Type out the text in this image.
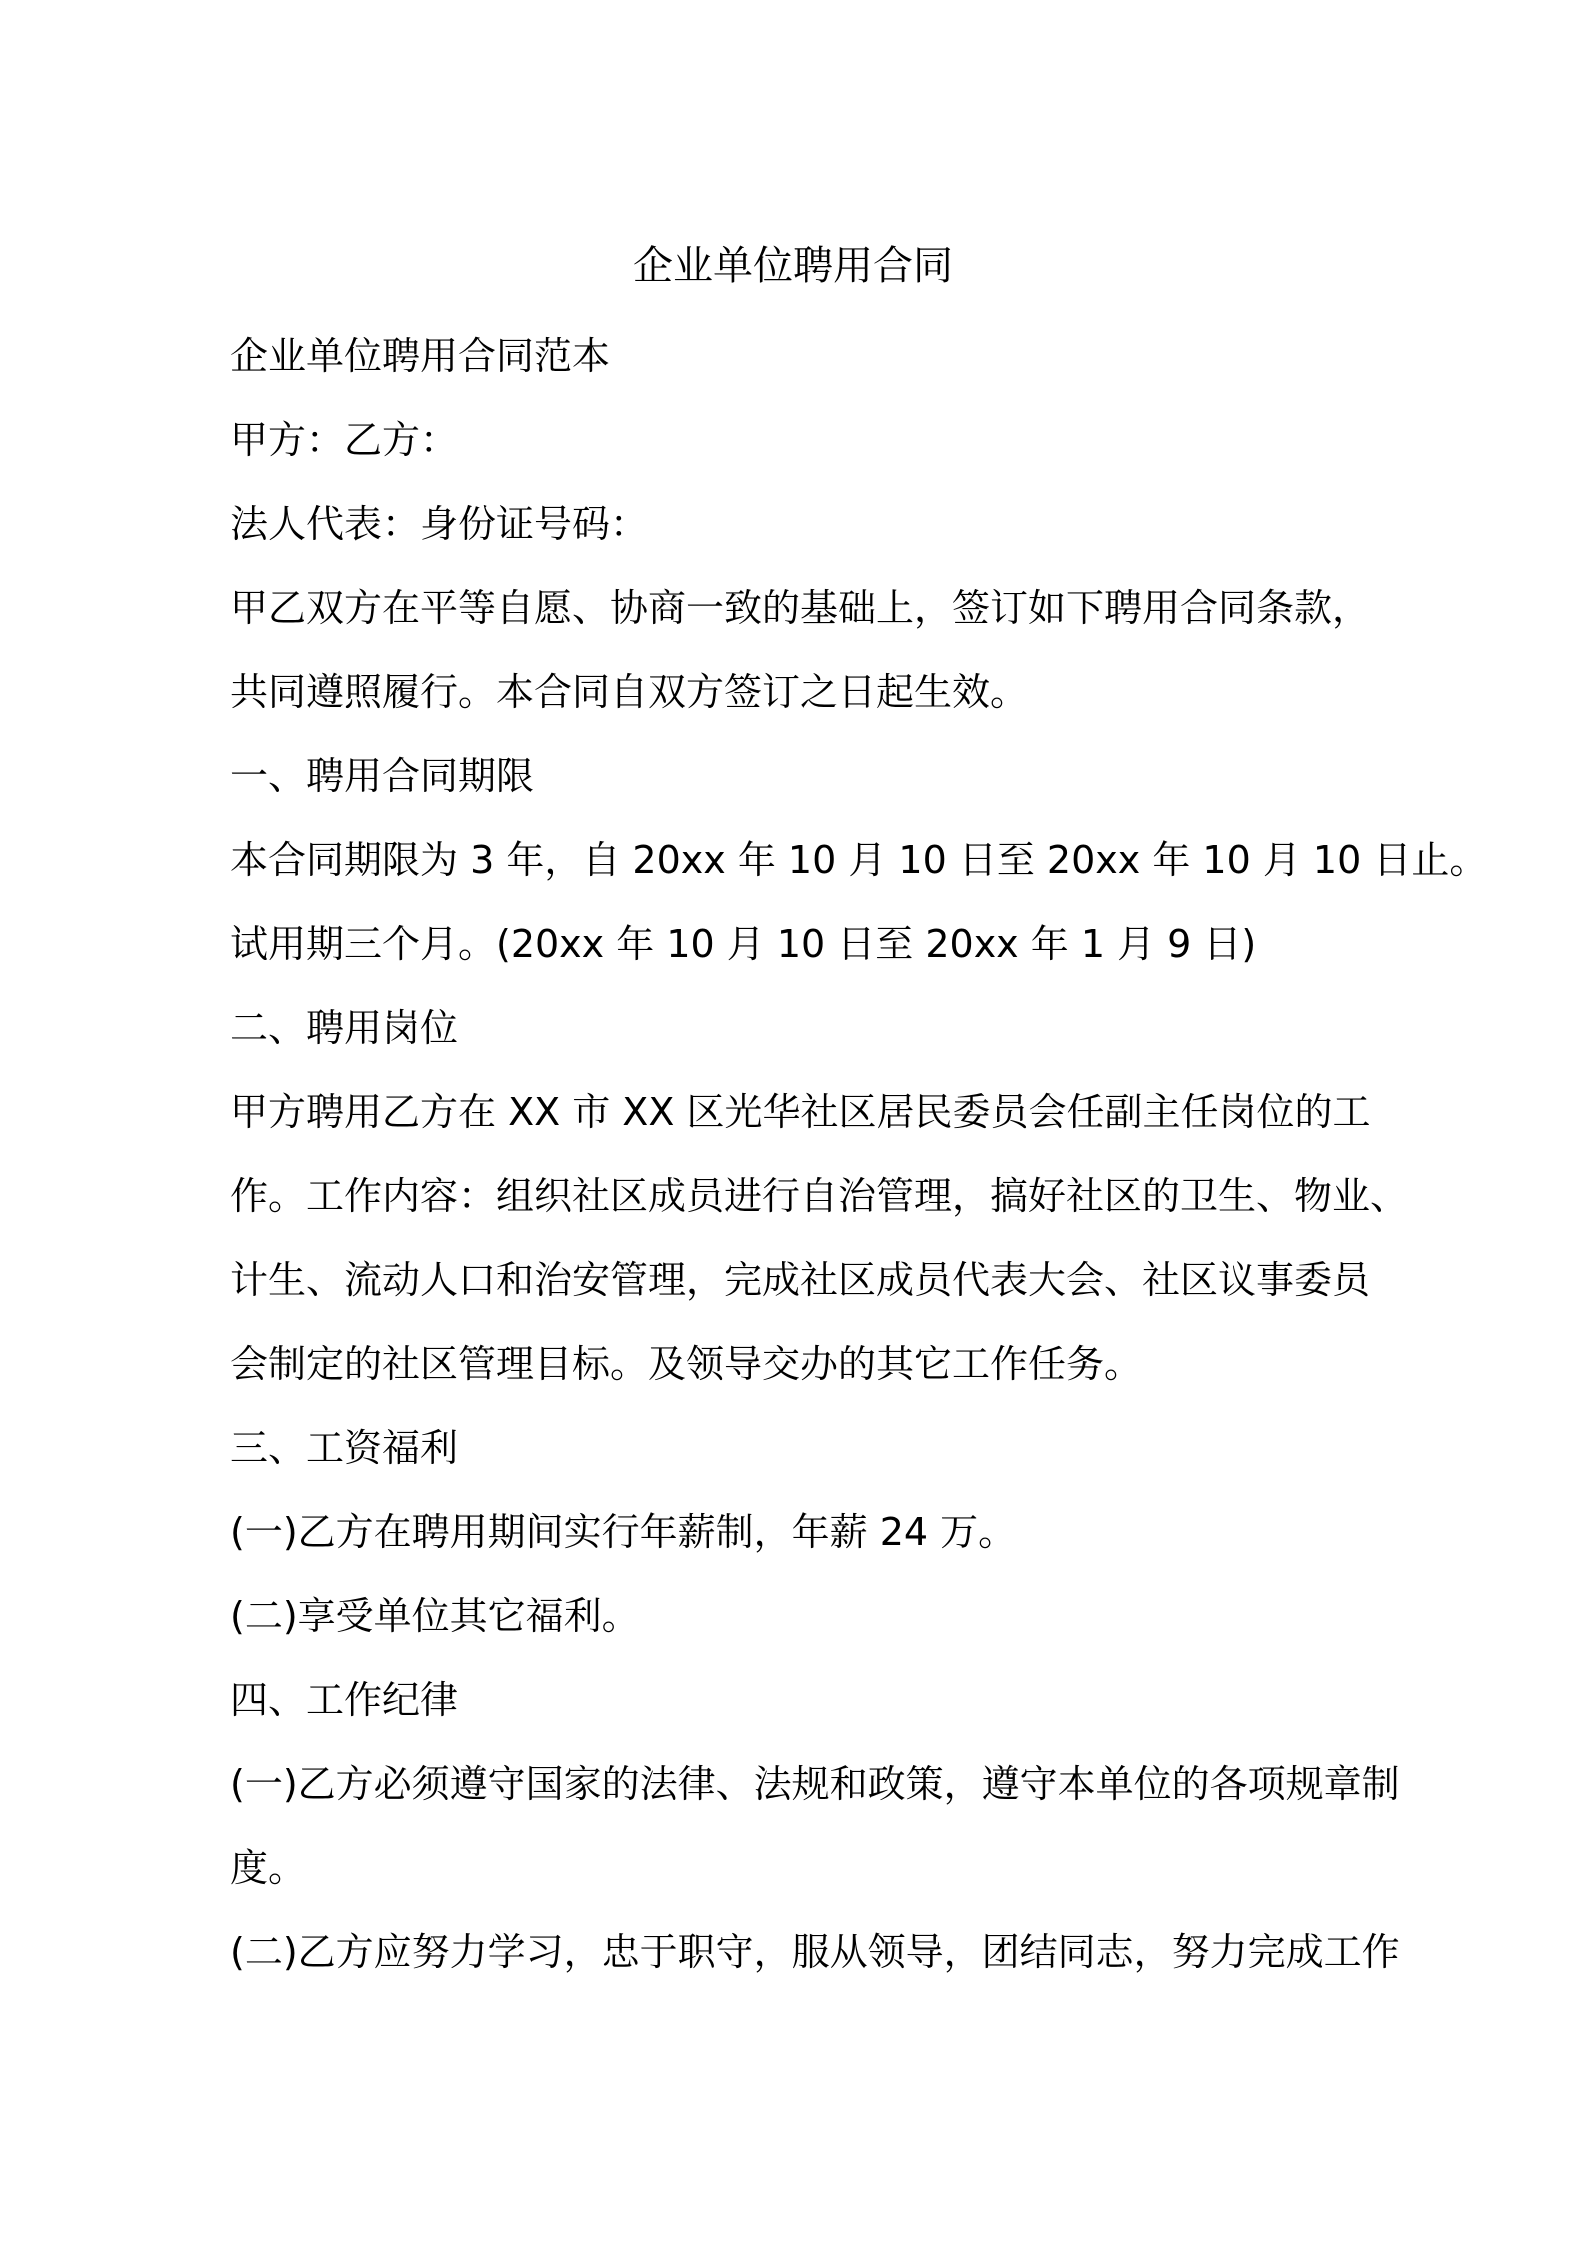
企业单位聘用合同
企业单位聘用合同范本
甲方：乙方：
法人代表：身份证号码：
甲乙双方在平等自愿、协商一致的基础上，签订如下聘用合同条款，
共同遵照履行。本合同自双方签订之日起生效。
一、聘用合同期限
本合同期限为 3 年，自 20xx 年 10 月 10 日至 20xx 年 10 月 10 日止。
试用期三个月。(20xx 年 10 月 10 日至 20xx 年 1 月 9 日)
二、聘用岗位
甲方聘用乙方在 XX 市 XX 区光华社区居民委员会任副主任岗位的工
作。工作内容：组织社区成员进行自治管理，搞好社区的卫生、物业、
计生、流动人口和治安管理，完成社区成员代表大会、社区议事委员
会制定的社区管理目标。及领导交办的其它工作任务。
三、工资福利
(一)乙方在聘用期间实行年薪制，年薪 24 万。
(二)享受单位其它福利。
四、工作纪律
(一)乙方必须遵守国家的法律、法规和政策，遵守本单位的各项规章制
度。
(二)乙方应努力学习，忠于职守，服从领导，团结同志，努力完成工作
